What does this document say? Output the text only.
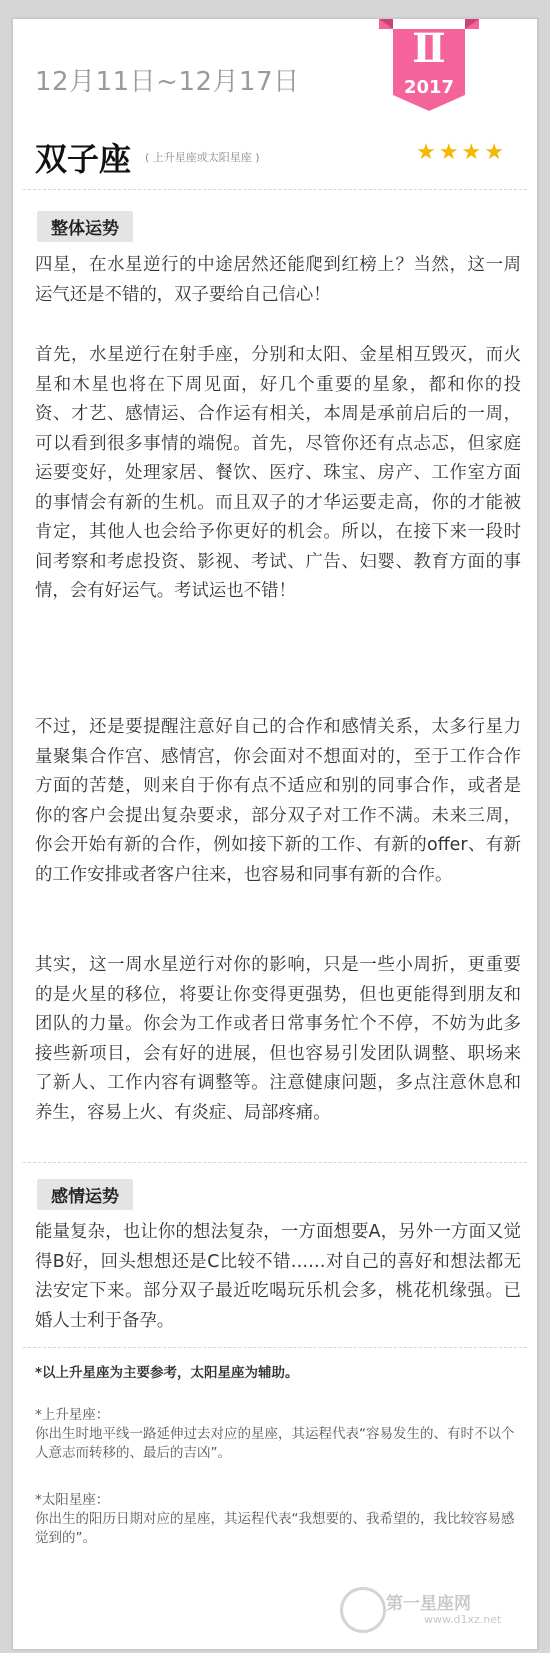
12月11日~12月17日
Ⅱ
2017
双子座 ( 上升星座或太阳星座 )	★★★★
整体运势
四星，在水星逆行的中途居然还能爬到红榜上？当然，这一周运气还是不错的，双子要给自己信心！
首先，水星逆行在射手座，分别和太阳、金星相互毁灭，而火星和木星也将在下周见面，好几个重要的星象，都和你的投资、才艺、感情运、合作运有相关，本周是承前启后的一周，可以看到很多事情的端倪。首先，尽管你还有点忐忑，但家庭运要变好，处理家居、餐饮、医疗、珠宝、房产、工作室方面的事情会有新的生机。而且双子的才华运要走高，你的才能被肯定，其他人也会给予你更好的机会。所以，在接下来一段时间考察和考虑投资、影视、考试、广告、妇婴、教育方面的事情，会有好运气。考试运也不错！
不过，还是要提醒注意好自己的合作和感情关系，太多行星力量聚集合作宫、感情宫，你会面对不想面对的，至于工作合作方面的苦楚，则来自于你有点不适应和别的同事合作，或者是你的客户会提出复杂要求，部分双子对工作不满。未来三周，你会开始有新的合作，例如接下新的工作、有新的offer、有新的工作安排或者客户往来，也容易和同事有新的合作。
其实，这一周水星逆行对你的影响，只是一些小周折，更重要的是火星的移位，将要让你变得更强势，但也更能得到朋友和团队的力量。你会为工作或者日常事务忙个不停，不妨为此多接些新项目，会有好的进展，但也容易引发团队调整、职场来了新人、工作内容有调整等。注意健康问题，多点注意休息和养生，容易上火、有炎症、局部疼痛。
感情运势
能量复杂，也让你的想法复杂，一方面想要A，另外一方面又觉得B好，回头想想还是C比较不错……对自己的喜好和想法都无法安定下来。部分双子最近吃喝玩乐机会多，桃花机缘强。已婚人士利于备孕。
*以上升星座为主要参考，太阳星座为辅助。
*上升星座：
你出生时地平线一路延伸过去对应的星座，其运程代表“容易发生的、有时不以个人意志而转移的、最后的吉凶”。
*太阳星座：
你出生的阳历日期对应的星座，其运程代表“我想要的、我希望的，我比较容易感觉到的”。
第一星座网
www.d1xz.net
